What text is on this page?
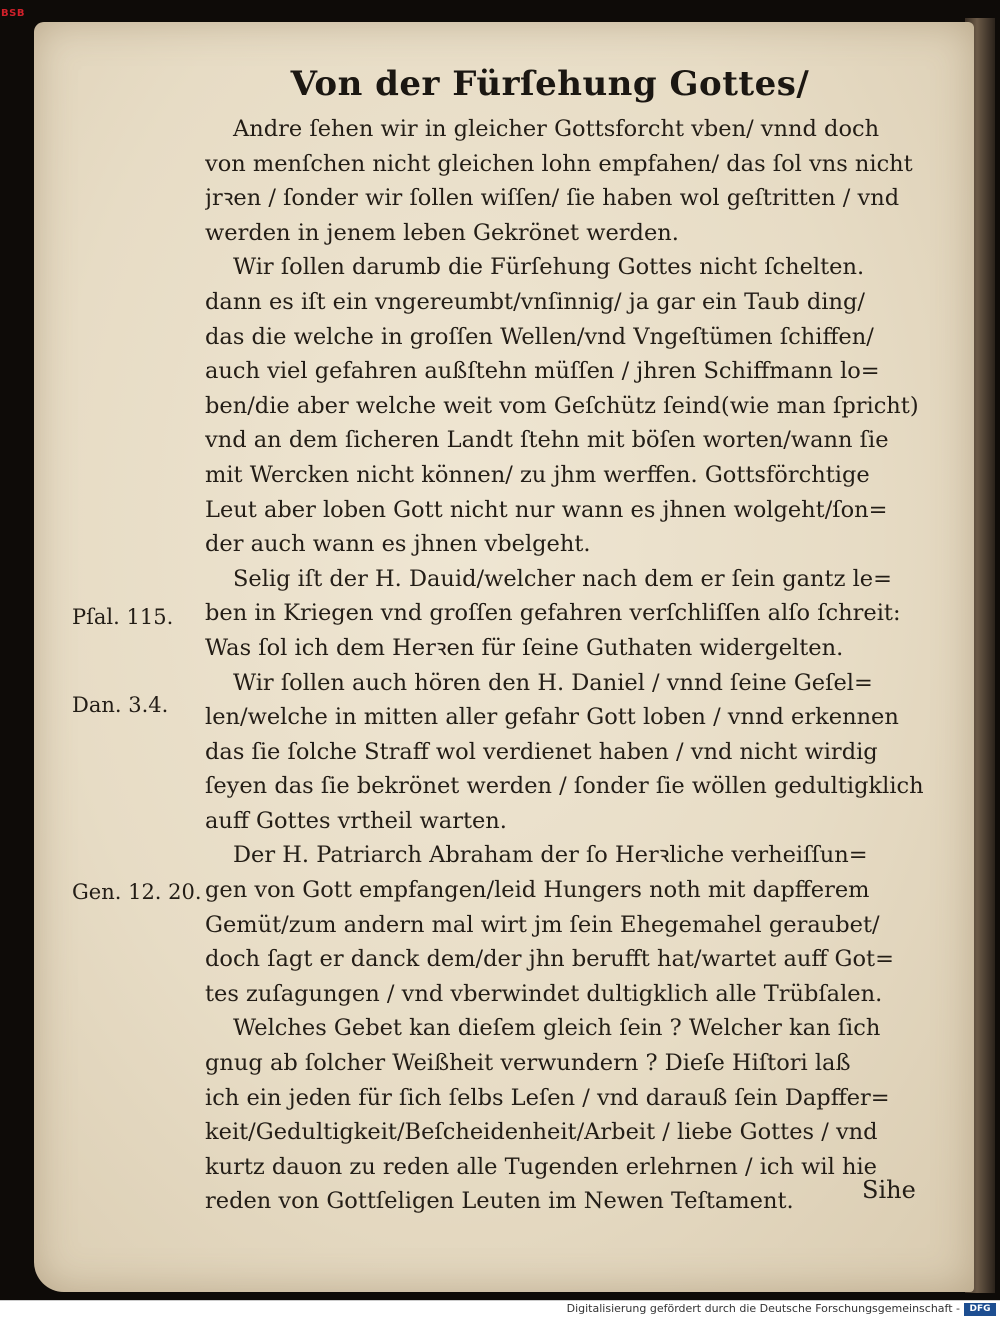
BSB
Von der Fürſehung Gottes/
Andre ſehen wir in gleicher Gottsforcht vben/ vnnd doch
von menſchen nicht gleichen lohn empfahen/ das ſol vns nicht
jrꝛen / ſonder wir ſollen wiſſen/ ſie haben wol geſtritten / vnd
werden in jenem leben Gekrönet werden.
Wir ſollen darumb die Fürſehung Gottes nicht ſchelten.
dann es iſt ein vngereumbt/vnſinnig/ ja gar ein Taub ding/
das die welche in groſſen Wellen/vnd Vngeſtümen ſchiffen/
auch viel gefahren außſtehn müſſen / jhren Schiffmann lo=
ben/die aber welche weit vom Geſchütz ſeind(wie man ſpricht)
vnd an dem ſicheren Landt ſtehn mit böſen worten/wann ſie
mit Wercken nicht können/ zu jhm werffen. Gottsförchtige
Leut aber loben Gott nicht nur wann es jhnen wolgeht/ſon=
der auch wann es jhnen vbelgeht.
Selig iſt der H. Dauid/welcher nach dem er ſein gantz le=
ben in Kriegen vnd groſſen gefahren verſchliſſen alſo ſchreit:
Was ſol ich dem Herꝛen für ſeine Guthaten widergelten.
Wir ſollen auch hören den H. Daniel / vnnd ſeine Geſel=
len/welche in mitten aller gefahr Gott loben / vnnd erkennen
das ſie ſolche Straff wol verdienet haben / vnd nicht wirdig
ſeyen das ſie bekrönet werden / ſonder ſie wöllen gedultigklich
auff Gottes vrtheil warten.
Der H. Patriarch Abraham der ſo Herꝛliche verheiſſun=
gen von Gott empfangen/leid Hungers noth mit dapfferem
Gemüt/zum andern mal wirt jm ſein Ehegemahel geraubet/
doch ſagt er danck dem/der jhn berufft hat/wartet auff Got=
tes zuſagungen / vnd vberwindet dultigklich alle Trübſalen.
Welches Gebet kan dieſem gleich ſein ? Welcher kan ſich
gnug ab ſolcher Weißheit verwundern ? Dieſe Hiſtori laß
ich ein jeden für ſich ſelbs Leſen / vnd darauß ſein Dapffer=
keit/Gedultigkeit/Beſcheidenheit/Arbeit / liebe Gottes / vnd
kurtz dauon zu reden alle Tugenden erlehrnen / ich wil hie
reden von Gottſeligen Leuten im Newen Teſtament.
Pſal. 115.
Dan. 3.4.
Gen. 12. 20.
Sihe
Digitalisierung gefördert durch die Deutsche Forschungsgemeinschaft -	DFG
